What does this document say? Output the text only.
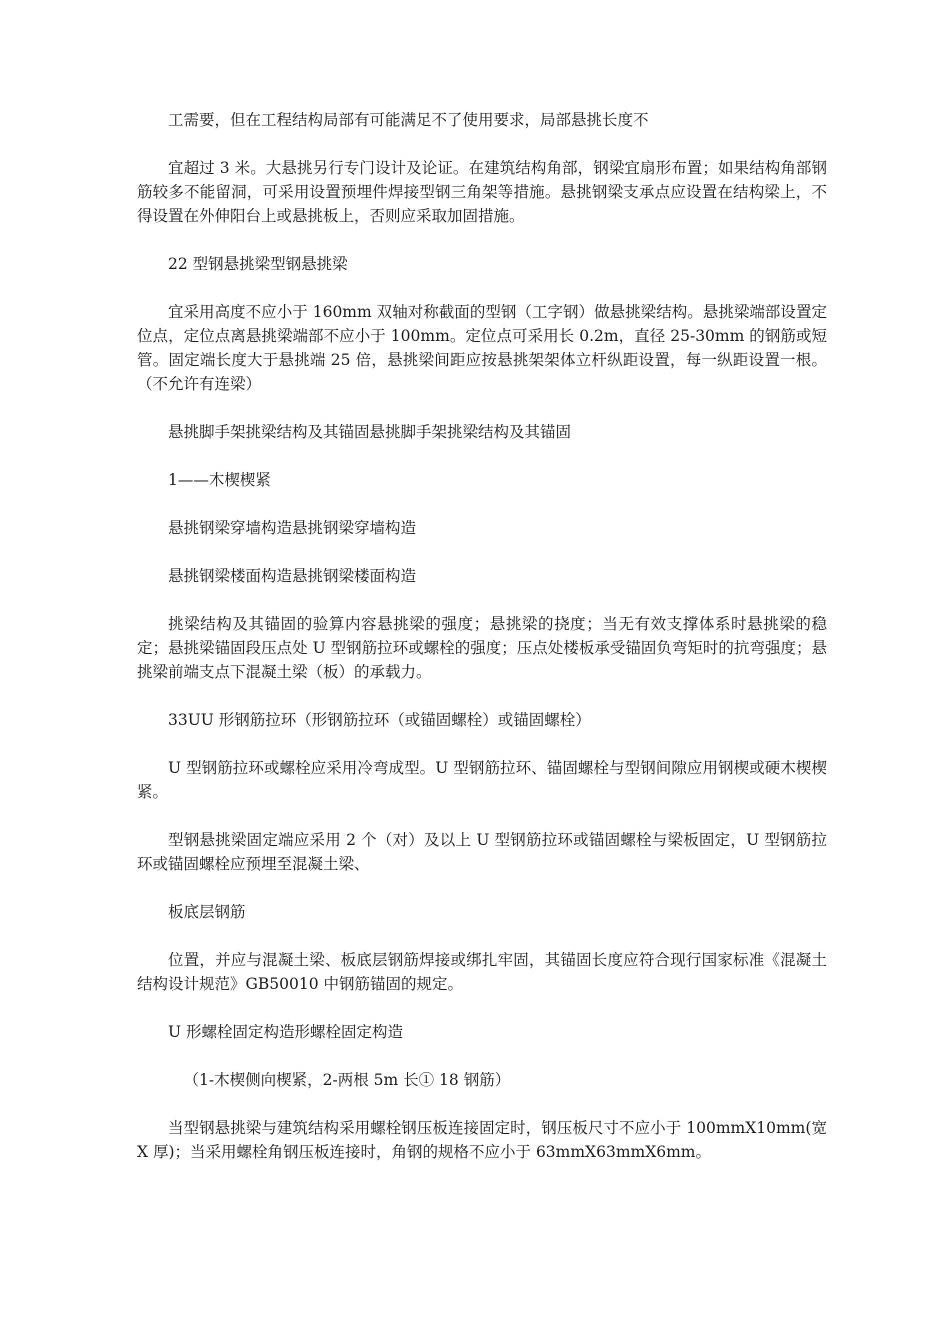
工需要，但在工程结构局部有可能满足不了使用要求，局部悬挑长度不

宜超过 3 米。大悬挑另行专门设计及论证。在建筑结构角部，钢梁宜扇形布置；如果结构角部钢筋较多不能留洞，可采用设置预埋件焊接型钢三角架等措施。悬挑钢梁支承点应设置在结构梁上，不得设置在外伸阳台上或悬挑板上，否则应采取加固措施。

22 型钢悬挑梁型钢悬挑梁

宜采用高度不应小于 160mm 双轴对称截面的型钢（工字钢）做悬挑梁结构。悬挑梁端部设置定位点，定位点离悬挑梁端部不应小于 100mm。定位点可采用长 0.2m，直径 25-30mm 的钢筋或短管。固定端长度大于悬挑端 25 倍，悬挑梁间距应按悬挑架架体立杆纵距设置，每一纵距设置一根。（不允许有连梁）

悬挑脚手架挑梁结构及其锚固悬挑脚手架挑梁结构及其锚固

1——木楔楔紧

悬挑钢梁穿墙构造悬挑钢梁穿墙构造

悬挑钢梁楼面构造悬挑钢梁楼面构造

挑梁结构及其锚固的验算内容悬挑梁的强度；悬挑梁的挠度；当无有效支撑体系时悬挑梁的稳定；悬挑梁锚固段压点处 U 型钢筋拉环或螺栓的强度；压点处楼板承受锚固负弯矩时的抗弯强度；悬挑梁前端支点下混凝土梁（板）的承载力。

33UU 形钢筋拉环（形钢筋拉环（或锚固螺栓）或锚固螺栓）

U 型钢筋拉环或螺栓应采用冷弯成型。U 型钢筋拉环、锚固螺栓与型钢间隙应用钢楔或硬木楔楔紧。

型钢悬挑梁固定端应采用 2 个（对）及以上 U 型钢筋拉环或锚固螺栓与梁板固定，U 型钢筋拉环或锚固螺栓应预埋至混凝土梁、

板底层钢筋

位置，并应与混凝土梁、板底层钢筋焊接或绑扎牢固，其锚固长度应符合现行国家标准《混凝土结构设计规范》GB50010 中钢筋锚固的规定。

U 形螺栓固定构造形螺栓固定构造

（1-木楔侧向楔紧，2-两根 5m 长① 18 钢筋）

当型钢悬挑梁与建筑结构采用螺栓钢压板连接固定时，钢压板尺寸不应小于 100mmX10mm(宽 X 厚)；当采用螺栓角钢压板连接时，角钢的规格不应小于 63mmX63mmX6mm。
